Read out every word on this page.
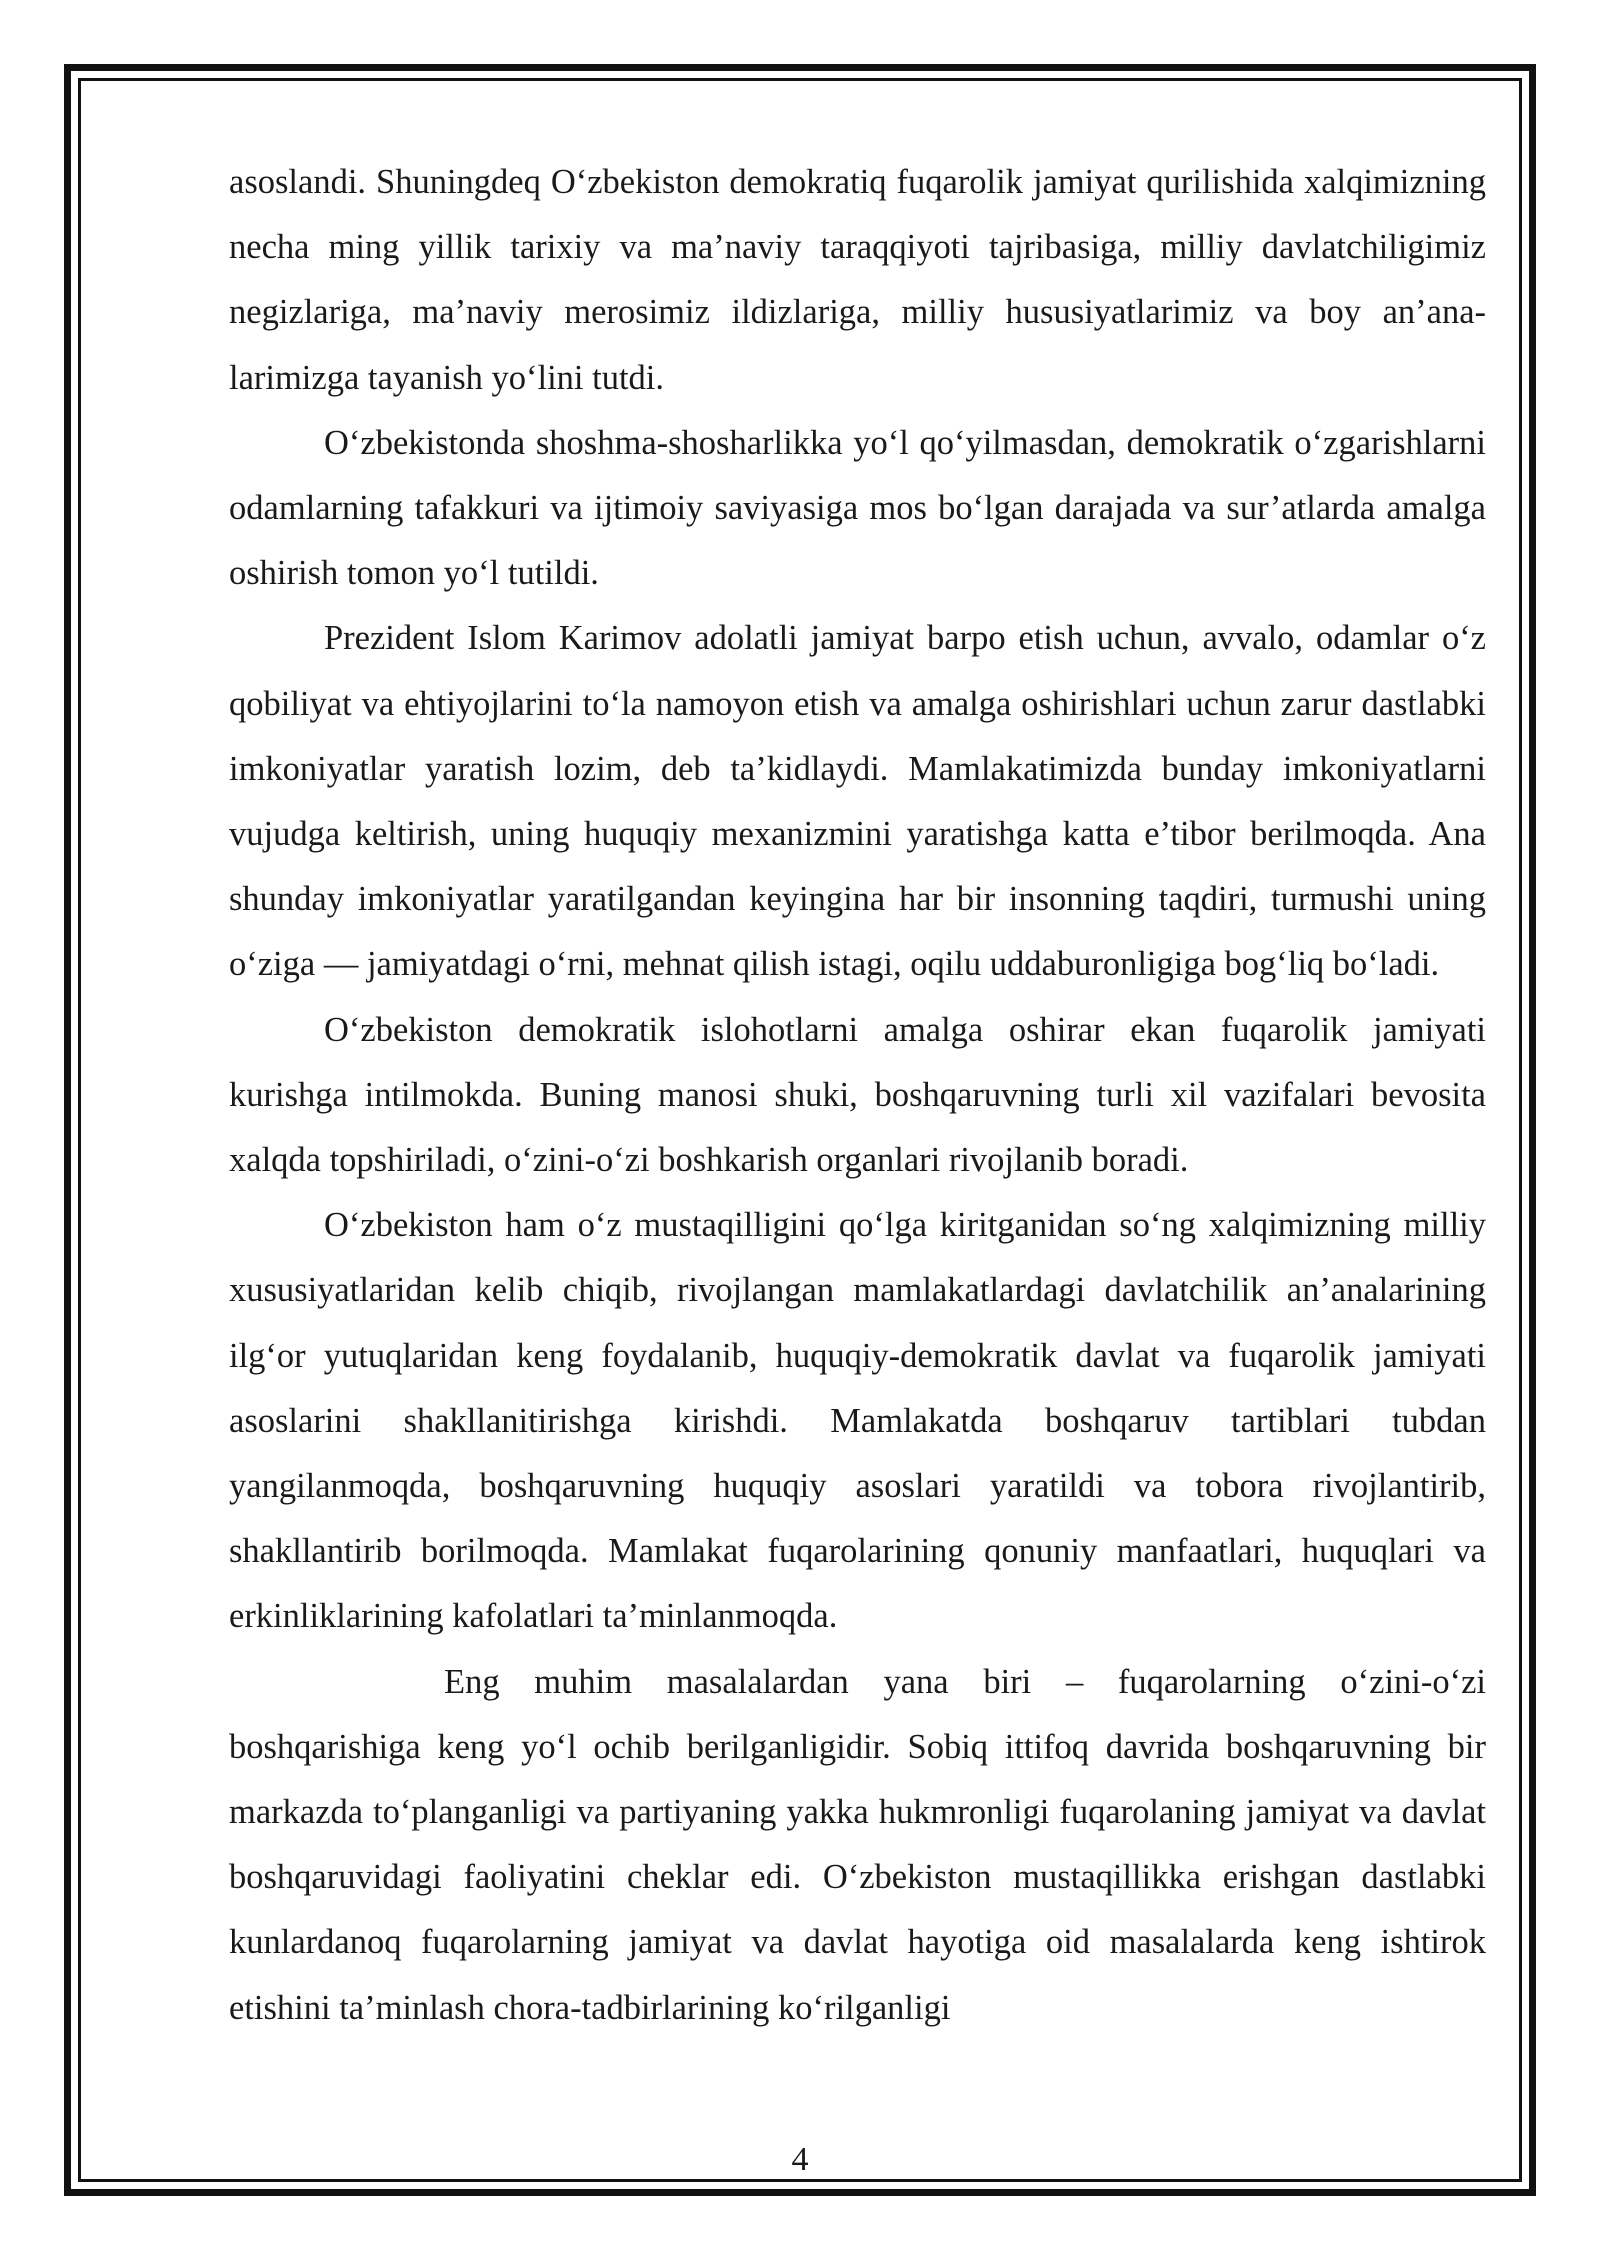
asoslandi. Shuningdeq O‘zbekiston demokratiq fuqarolik jamiyat qurilishida xalqimizning necha ming yillik tarixiy va ma’naviy taraqqiyoti tajribasiga, milliy davlatchiligimiz negizlariga, ma’naviy merosimiz ildizlariga, milliy hususiyatlarimiz va boy an’ana-larimizga tayanish yo‘lini tutdi.

O‘zbekistonda shoshma-shosharlikka yo‘l qo‘yilmasdan, demokratik o‘zgarishlarni odamlarning tafakkuri va ijtimoiy saviyasiga mos bo‘lgan darajada va sur’atlarda amalga oshirish tomon yo‘l tutildi.

Prezident Islom Karimov adolatli jamiyat barpo etish uchun, avvalo, odamlar o‘z qobiliyat va ehtiyojlarini to‘la namoyon etish va amalga oshirishlari uchun zarur dastlabki imkoniyatlar yaratish lozim, deb ta’kidlaydi. Mamlakatimizda bunday imkoniyatlarni vujudga keltirish, uning huquqiy mexanizmini yaratishga katta e’tibor berilmoqda. Ana shunday imkoniyatlar yaratilgandan keyingina har bir insonning taqdiri, turmushi uning o‘ziga — jamiyatdagi o‘rni, mehnat qilish istagi, oqilu uddaburonligiga bog‘liq bo‘ladi.

O‘zbekiston demokratik islohotlarni amalga oshirar ekan fuqarolik jamiyati kurishga intilmokda. Buning manosi shuki, boshqaruvning turli xil vazifalari bevosita xalqda topshiriladi, o‘zini-o‘zi boshkarish organlari rivojlanib boradi.

O‘zbekiston ham o‘z mustaqilligini qo‘lga kiritganidan so‘ng xalqimizning milliy xususiyatlaridan kelib chiqib, rivojlangan mamlakatlardagi davlatchilik an’analarining ilg‘or yutuqlaridan keng foydalanib, huquqiy-demokratik davlat va fuqarolik jamiyati asoslarini shakllanitirishga kirishdi. Mamlakatda boshqaruv tartiblari tubdan yangilanmoqda, boshqaruvning huquqiy asoslari yaratildi va tobora rivojlantirib, shakllantirib borilmoqda. Mamlakat fuqarolarining qonuniy manfaatlari, huquqlari va erkinliklarining kafolatlari ta’minlanmoqda.

Eng muhim masalalardan yana biri – fuqarolarning o‘zini-o‘zi boshqarishiga keng yo‘l ochib berilganligidir. Sobiq ittifoq davrida boshqaruvning bir markazda to‘planganligi va partiyaning yakka hukmronligi fuqarolaning jamiyat va davlat boshqaruvidagi faoliyatini cheklar edi. O‘zbekiston mustaqillikka erishgan dastlabki kunlardanoq fuqarolarning jamiyat va davlat hayotiga oid masalalarda keng ishtirok etishini ta’minlash chora-tadbirlarining ko‘rilganligi

4
